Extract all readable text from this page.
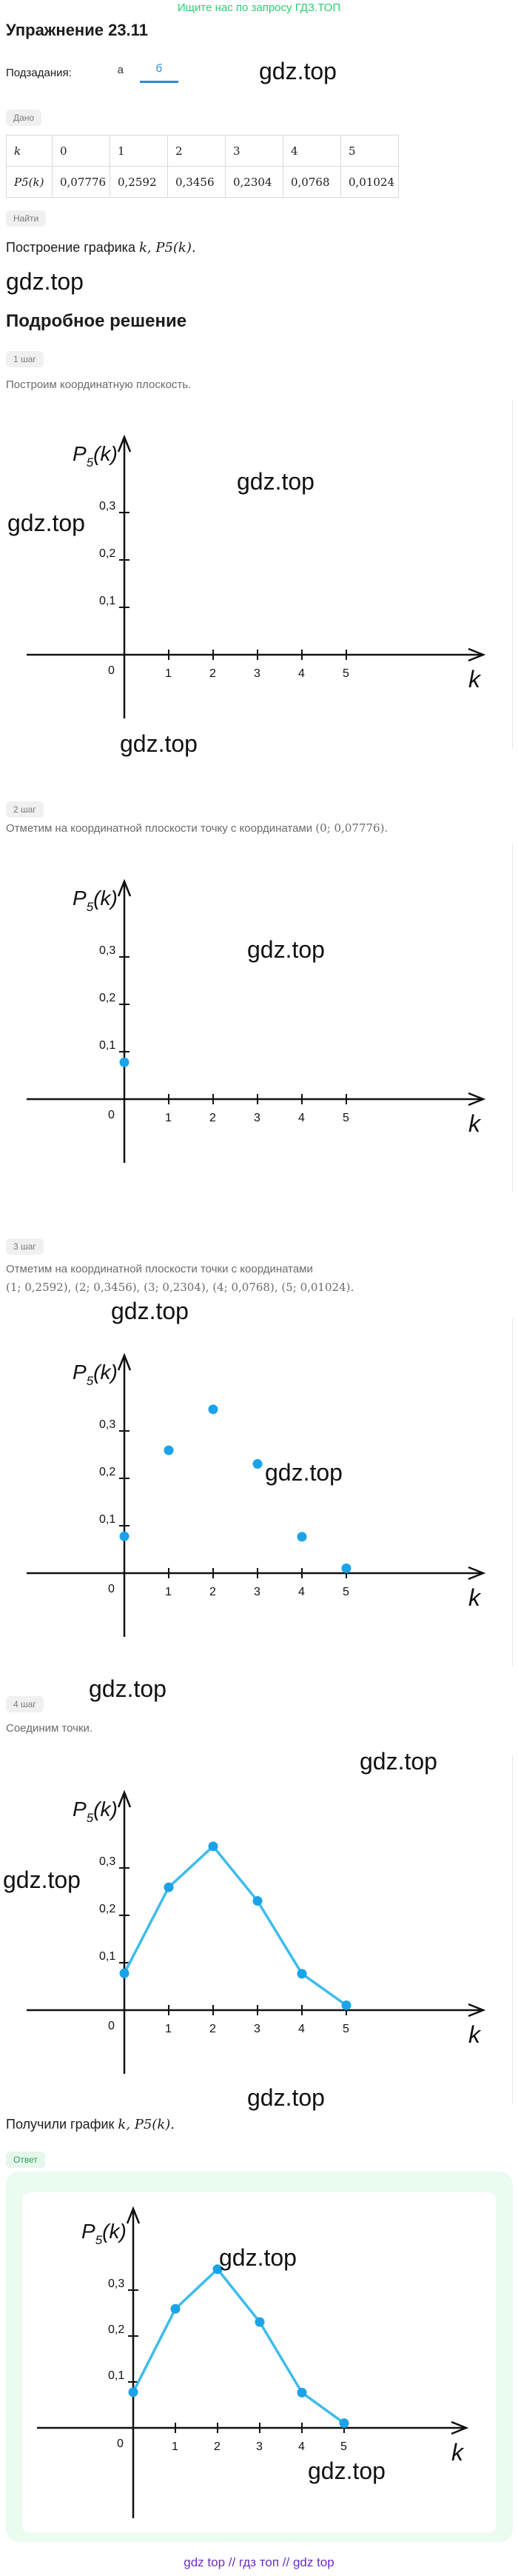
Ищите нас по запросу ГДЗ.ТОП
Упражнение 23.11
Подзадания:	а	б	gdz.top
Дано
k	0	1	2	3	4	5
P5(k)	0,07776	0,2592	0,3456	0,2304	0,0768	0,01024
Найти
Построение графика k, P5(k).
gdz.top
Подробное решение
1 шаг
Построим координатную плоскость.
$P_5(k)$
k
0	1	2	3	4	5
0,1
0,2
0,3
gdz.top
gdz.top
gdz.top
2 шаг
Отметим на координатной плоскости точку с координатами (0; 0,07776).
$P_5(k)$
k
0	1	2	3	4	5
0,1
0,2
0,3	gdz.top
3 шаг
Отметим на координатной плоскости точки с координатами
(1; 0,2592), (2; 0,3456), (3; 0,2304), (4; 0,0768), (5; 0,01024).
gdz.top
$P_5(k)$
k
0	1	2	3	4	5
0,1
0,2
0,3
gdz.top
gdz.top
4 шаг
Соединим точки.
gdz.top
$P_5(k)$
k
0	1	2	3	4	5
0,1
0,2
0,3
gdz.top
gdz.top
Получили график k, P5(k).
Ответ
$P_5(k)$
k
0	1	2	3	4	5
0,1
0,2
0,3
gdz.top
gdz.top
gdz top // гдз топ // gdz top
